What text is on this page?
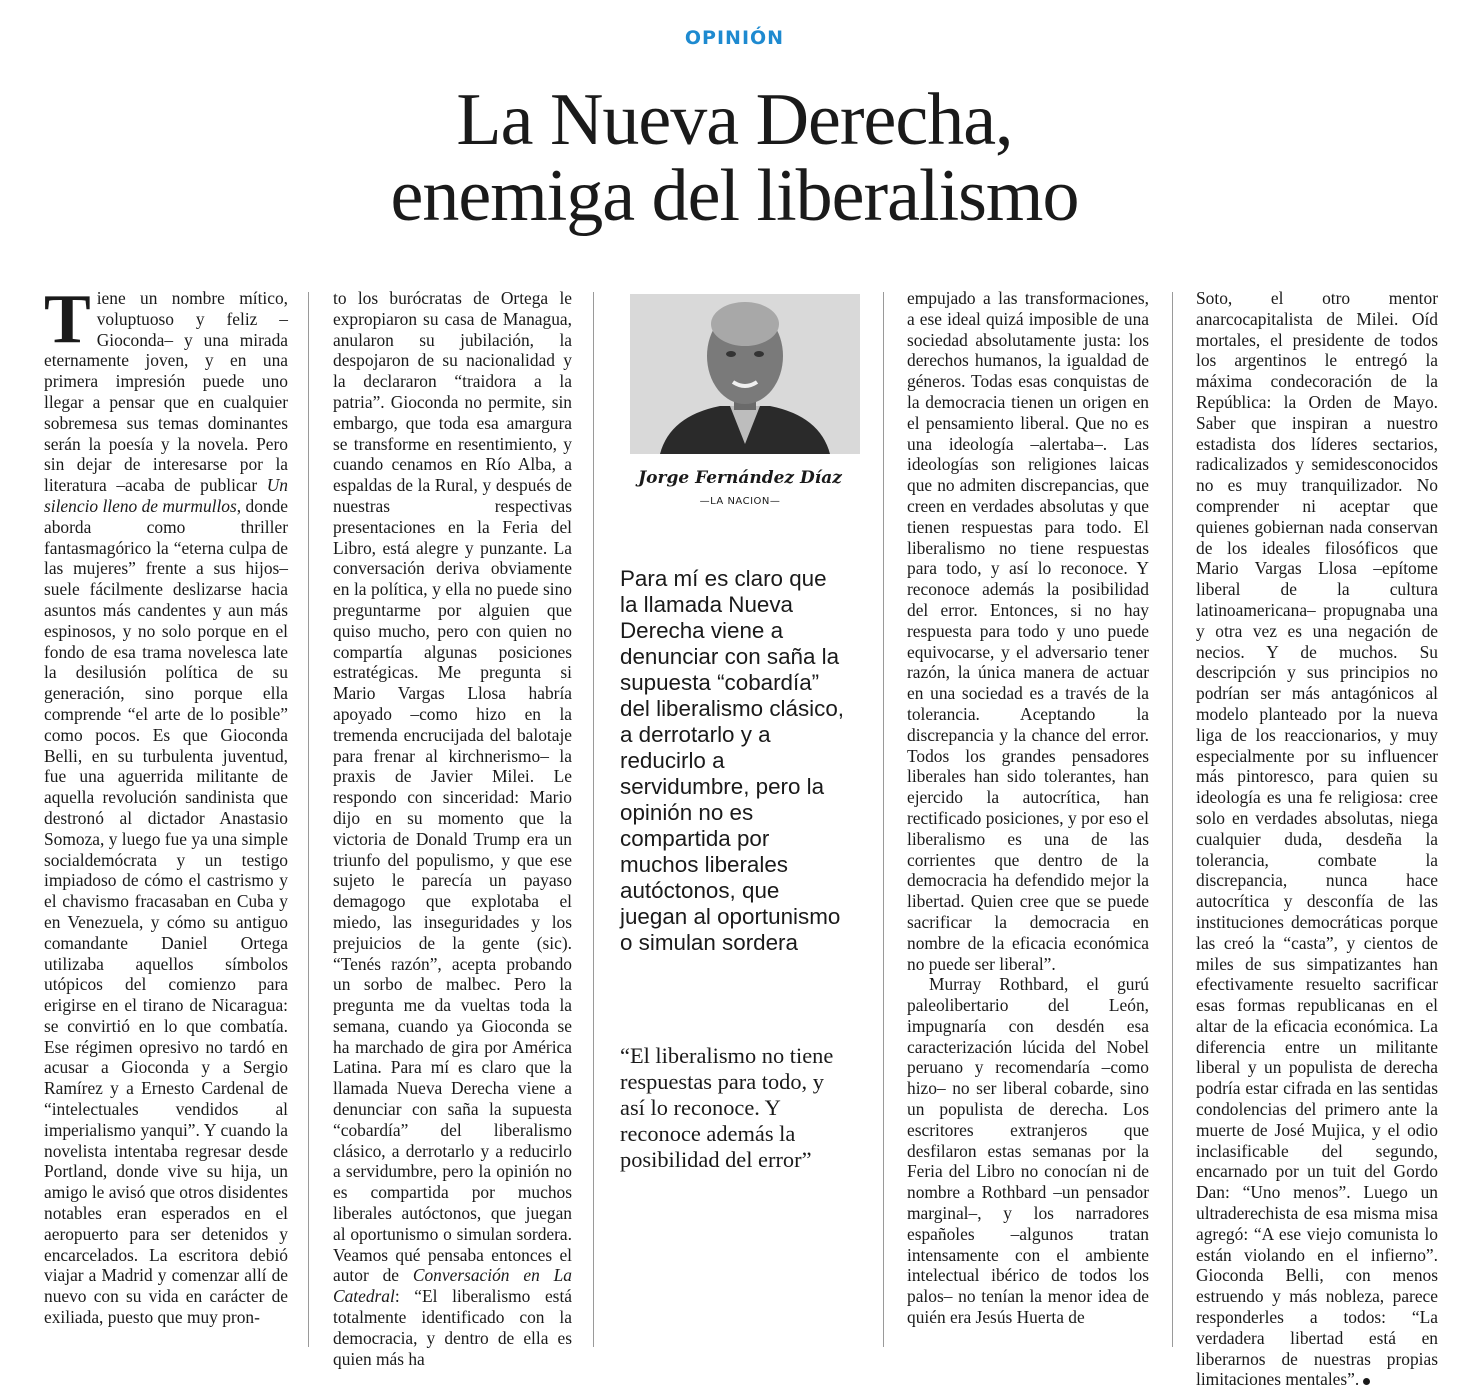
OPINIÓN
La Nueva Derecha,
enemiga del liberalismo

Tiene un nombre mítico, voluptuoso y feliz –Gioconda– y una mirada eternamente joven, y en una primera impresión puede uno llegar a pensar que en cualquier sobremesa sus temas dominantes serán la poesía y la novela. Pero sin dejar de interesarse por la literatura –acaba de publicar Un silencio lleno de murmullos, donde aborda como thriller fantasmagórico la “eterna culpa de las mujeres” frente a sus hijos– suele fácilmente deslizarse hacia asuntos más candentes y aun más espinosos, y no solo porque en el fondo de esa trama novelesca late la desilusión política de su generación, sino porque ella comprende “el arte de lo posible” como pocos. Es que Gioconda Belli, en su turbulenta juventud, fue una aguerrida militante de aquella revolución sandinista que destronó al dictador Anastasio Somoza, y luego fue ya una simple socialdemócrata y un testigo impiadoso de cómo el castrismo y el chavismo fracasaban en Cuba y en Venezuela, y cómo su antiguo comandante Daniel Ortega utilizaba aquellos símbolos utópicos del comienzo para erigirse en el tirano de Nicaragua: se convirtió en lo que combatía. Ese régimen opresivo no tardó en acusar a Gioconda y a Sergio Ramírez y a Ernesto Cardenal de “intelectuales vendidos al imperialismo yanqui”. Y cuando la novelista intentaba regresar desde Portland, donde vive su hija, un amigo le avisó que otros disidentes notables eran esperados en el aeropuerto para ser detenidos y encarcelados. La escritora debió viajar a Madrid y comenzar allí de nuevo con su vida en carácter de exiliada, puesto que muy pron-

to los burócratas de Ortega le expropiaron su casa de Managua, anularon su jubilación, la despojaron de su nacionalidad y la declararon “traidora a la patria”. Gioconda no permite, sin embargo, que toda esa amargura se transforme en resentimiento, y cuando cenamos en Río Alba, a espaldas de la Rural, y después de nuestras respectivas presentaciones en la Feria del Libro, está alegre y punzante. La conversación deriva obviamente en la política, y ella no puede sino preguntarme por alguien que quiso mucho, pero con quien no compartía algunas posiciones estratégicas. Me pregunta si Mario Vargas Llosa habría apoyado –como hizo en la tremenda encrucijada del balotaje para frenar al kirchnerismo– la praxis de Javier Milei. Le respondo con sinceridad: Mario dijo en su momento que la victoria de Donald Trump era un triunfo del populismo, y que ese sujeto le parecía un payaso demagogo que explotaba el miedo, las inseguridades y los prejuicios de la gente (sic). “Tenés razón”, acepta probando un sorbo de malbec. Pero la pregunta me da vueltas toda la semana, cuando ya Gioconda se ha marchado de gira por América Latina. Para mí es claro que la llamada Nueva Derecha viene a denunciar con saña la supuesta “cobardía” del liberalismo clásico, a derrotarlo y a reducirlo a servidumbre, pero la opinión no es compartida por muchos liberales autóctonos, que juegan al oportunismo o simulan sordera. Veamos qué pensaba entonces el autor de Conversación en La Catedral: “El liberalismo está totalmente identificado con la democracia, y dentro de ella es quien más ha

Jorge Fernández Díaz
—LA NACION—
Para mí es claro que la llamada Nueva Derecha viene a denunciar con saña la supuesta “cobardía” del liberalismo clásico, a derrotarlo y a reducirlo a servidumbre, pero la opinión no es compartida por muchos liberales autóctonos, que juegan al oportunismo o simulan sordera
“El liberalismo no tiene respuestas para todo, y así lo reconoce. Y reconoce además la posibilidad del error”

empujado a las transformaciones, a ese ideal quizá imposible de una sociedad absolutamente justa: los derechos humanos, la igualdad de géneros. Todas esas conquistas de la democracia tienen un origen en el pensamiento liberal. Que no es una ideología –alertaba–. Las ideologías son religiones laicas que no admiten discrepancias, que creen en verdades absolutas y que tienen respuestas para todo. El liberalismo no tiene respuestas para todo, y así lo reconoce. Y reconoce además la posibilidad del error. Entonces, si no hay respuesta para todo y uno puede equivocarse, y el adversario tener razón, la única manera de actuar en una sociedad es a través de la tolerancia. Aceptando la discrepancia y la chance del error. Todos los grandes pensadores liberales han sido tolerantes, han ejercido la autocrítica, han rectificado posiciones, y por eso el liberalismo es una de las corrientes que dentro de la democracia ha defendido mejor la libertad. Quien cree que se puede sacrificar la democracia en nombre de la eficacia económica no puede ser liberal”.

Murray Rothbard, el gurú paleolibertario del León, impugnaría con desdén esa caracterización lúcida del Nobel peruano y recomendaría –como hizo– no ser liberal cobarde, sino un populista de derecha. Los escritores extranjeros que desfilaron estas semanas por la Feria del Libro no conocían ni de nombre a Rothbard –un pensador marginal–, y los narradores españoles –algunos tratan intensamente con el ambiente intelectual ibérico de todos los palos– no tenían la menor idea de quién era Jesús Huerta de

Soto, el otro mentor anarcocapitalista de Milei. Oíd mortales, el presidente de todos los argentinos le entregó la máxima condecoración de la República: la Orden de Mayo. Saber que inspiran a nuestro estadista dos líderes sectarios, radicalizados y semidesconocidos no es muy tranquilizador. No comprender ni aceptar que quienes gobiernan nada conservan de los ideales filosóficos que Mario Vargas Llosa –epítome liberal de la cultura latinoamericana– propugnaba una y otra vez es una negación de necios. Y de muchos. Su descripción y sus principios no podrían ser más antagónicos al modelo planteado por la nueva liga de los reaccionarios, y muy especialmente por su influencer más pintoresco, para quien su ideología es una fe religiosa: cree solo en verdades absolutas, niega cualquier duda, desdeña la tolerancia, combate la discrepancia, nunca hace autocrítica y desconfía de las instituciones democráticas porque las creó la “casta”, y cientos de miles de sus simpatizantes han efectivamente resuelto sacrificar esas formas republicanas en el altar de la eficacia económica. La diferencia entre un militante liberal y un populista de derecha podría estar cifrada en las sentidas condolencias del primero ante la muerte de José Mujica, y el odio inclasificable del segundo, encarnado por un tuit del Gordo Dan: “Uno menos”. Luego un ultraderechista de esa misma misa agregó: “A ese viejo comunista lo están violando en el infierno”. Gioconda Belli, con menos estruendo y más nobleza, parece responderles a todos: “La verdadera libertad está en liberarnos de nuestras propias limitaciones mentales”.
